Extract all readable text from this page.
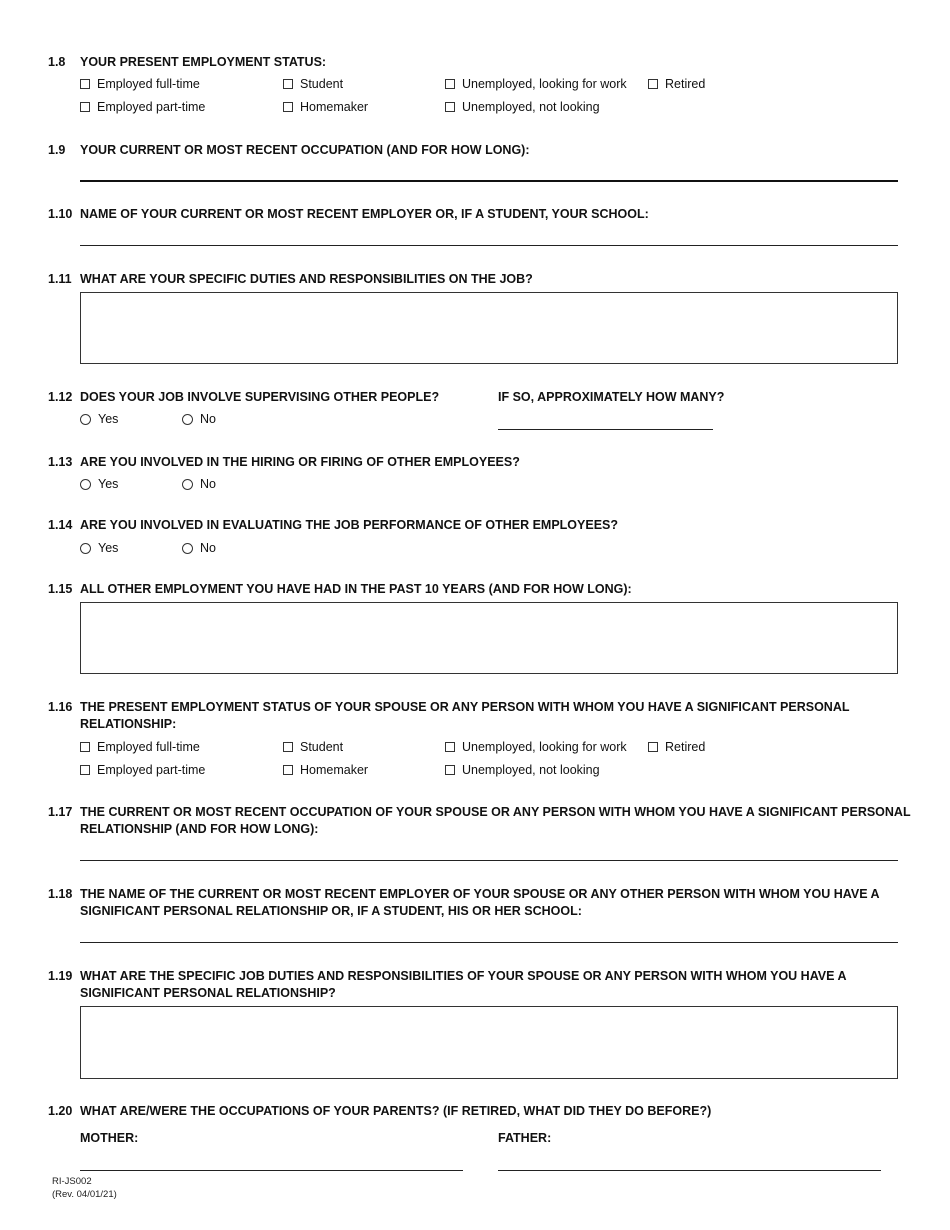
1.8 YOUR PRESENT EMPLOYMENT STATUS:
Employed full-time	Student	Unemployed, looking for work	Retired
Employed part-time	Homemaker	Unemployed, not looking
1.9 YOUR CURRENT OR MOST RECENT OCCUPATION (AND FOR HOW LONG):
1.10 NAME OF YOUR CURRENT OR MOST RECENT EMPLOYER OR, IF A STUDENT, YOUR SCHOOL:
1.11 WHAT ARE YOUR SPECIFIC DUTIES AND RESPONSIBILITIES ON THE JOB?
1.12 DOES YOUR JOB INVOLVE SUPERVISING OTHER PEOPLE?	IF SO, APPROXIMATELY HOW MANY?
Yes	No
1.13 ARE YOU INVOLVED IN THE HIRING OR FIRING OF OTHER EMPLOYEES?
Yes	No
1.14 ARE YOU INVOLVED IN EVALUATING THE JOB PERFORMANCE OF OTHER EMPLOYEES?
Yes	No
1.15 ALL OTHER EMPLOYMENT YOU HAVE HAD IN THE PAST 10 YEARS (AND FOR HOW LONG):
1.16 THE PRESENT EMPLOYMENT STATUS OF YOUR SPOUSE OR ANY PERSON WITH WHOM YOU HAVE A SIGNIFICANT PERSONAL
RELATIONSHIP:
Employed full-time	Student	Unemployed, looking for work	Retired
Employed part-time	Homemaker	Unemployed, not looking
1.17 THE CURRENT OR MOST RECENT OCCUPATION OF YOUR SPOUSE OR ANY PERSON WITH WHOM YOU HAVE A SIGNIFICANT PERSONAL
RELATIONSHIP (AND FOR HOW LONG):
1.18 THE NAME OF THE CURRENT OR MOST RECENT EMPLOYER OF YOUR SPOUSE OR ANY OTHER PERSON WITH WHOM YOU HAVE A
SIGNIFICANT PERSONAL RELATIONSHIP OR, IF A STUDENT, HIS OR HER SCHOOL:
1.19 WHAT ARE THE SPECIFIC JOB DUTIES AND RESPONSIBILITIES OF YOUR SPOUSE OR ANY PERSON WITH WHOM YOU HAVE A
SIGNIFICANT PERSONAL RELATIONSHIP?
1.20 WHAT ARE/WERE THE OCCUPATIONS OF YOUR PARENTS? (IF RETIRED, WHAT DID THEY DO BEFORE?)
MOTHER:	FATHER:
RI-JS002
(Rev. 04/01/21)
